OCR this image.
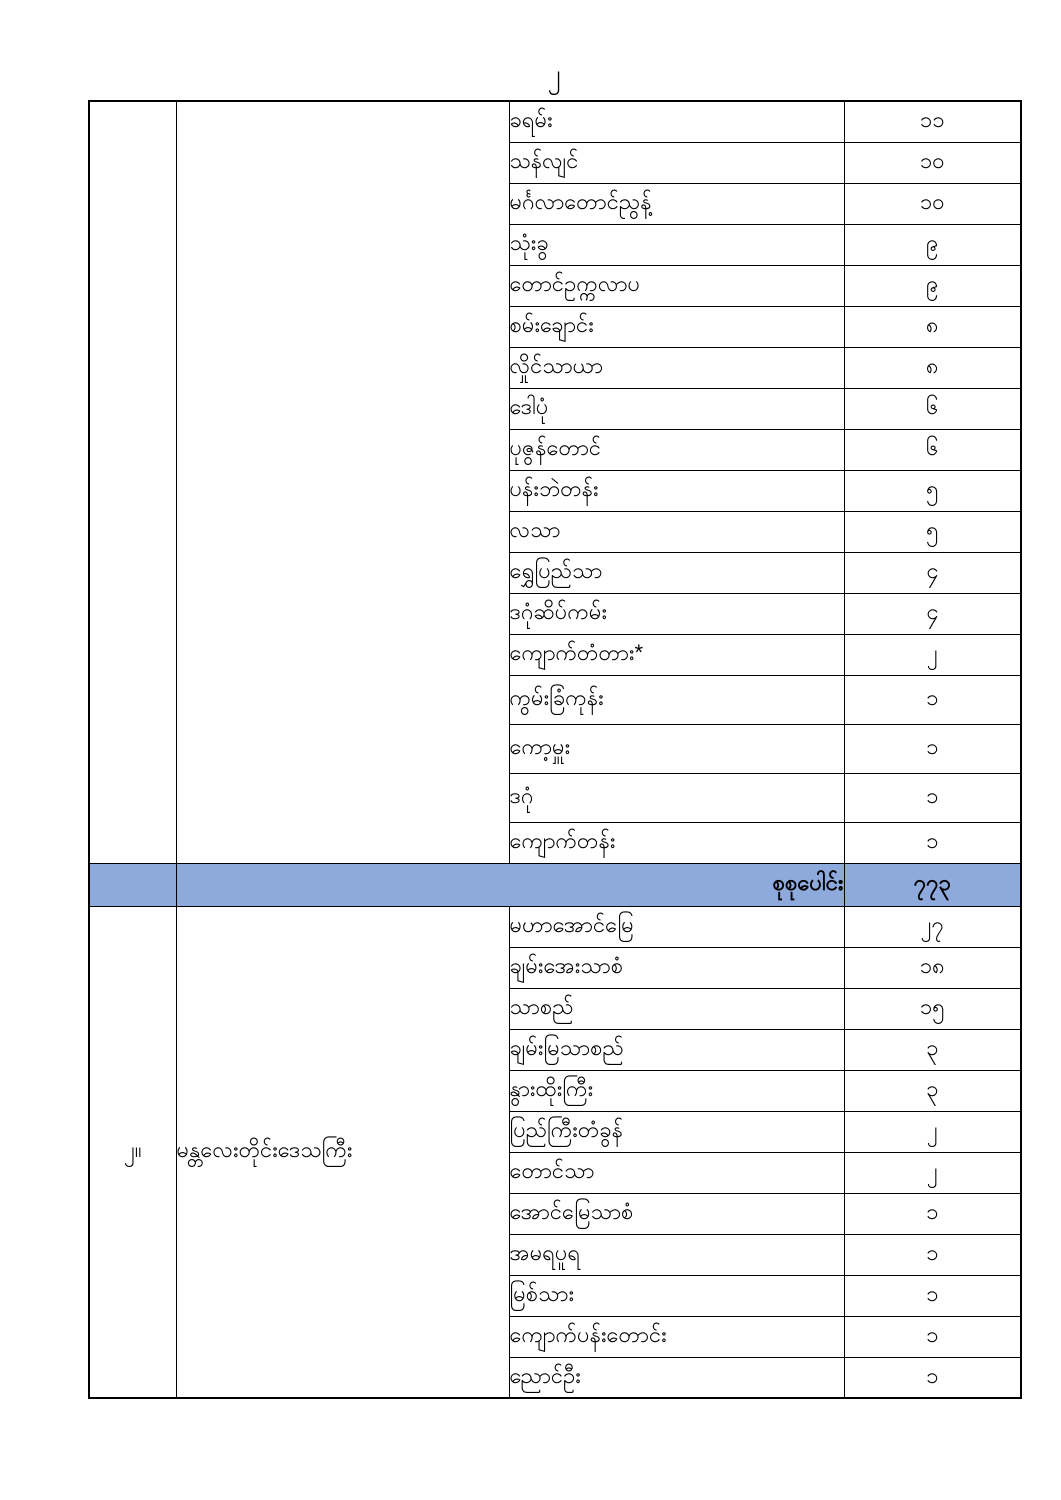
၂
		ခရမ်း	၁၁
		သန်လျင်	၁၀
		မင်္ဂလာတောင်ညွန့်	၁၀
		သုံးခွ	၉
		တောင်ဥက္ကလာပ	၉
		စမ်းချောင်း	၈
		လှိုင်သာယာ	၈
		ဒေါပုံ	၆
		ပုဇွန်တောင်	၆
		ပန်းဘဲတန်း	၅
		လသာ	၅
		ရွှေပြည်သာ	၄
		ဒဂုံဆိပ်ကမ်း	၄
		ကျောက်တံတား*	၂
		ကွမ်းခြံကုန်း	၁
		ကော့မှူး	၁
		ဒဂုံ	၁
		ကျောက်တန်း	၁
	စုစုပေါင်း		၇၇၃
၂။	မန္တလေးတိုင်းဒေသကြီး	မဟာအောင်မြေ	၂၇
		ချမ်းအေးသာစံ	၁၈
		သာစည်	၁၅
		ချမ်းမြသာစည်	၃
		နွားထိုးကြီး	၃
		ပြည်ကြီးတံခွန်	၂
		တောင်သာ	၂
		အောင်မြေသာစံ	၁
		အမရပူရ	၁
		မြစ်သား	၁
		ကျောက်ပန်းတောင်း	၁
		ညောင်ဦး	၁
